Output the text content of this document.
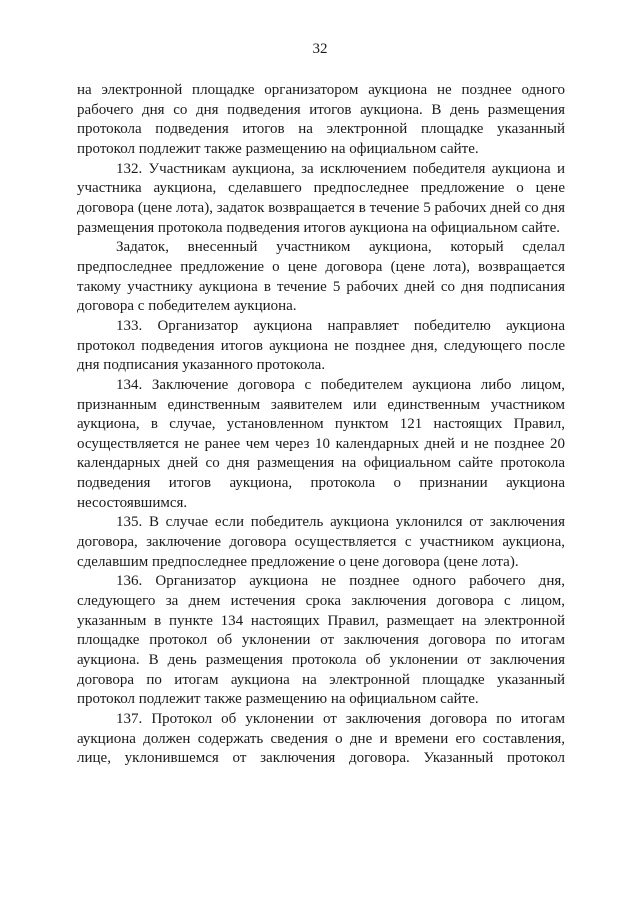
32

на электронной площадке организатором аукциона не позднее одного рабочего дня со дня подведения итогов аукциона. В день размещения протокола подведения итогов на электронной площадке указанный протокол подлежит также размещению на официальном сайте.

132. Участникам аукциона, за исключением победителя аукциона и участника аукциона, сделавшего предпоследнее предложение о цене договора (цене лота), задаток возвращается в течение 5 рабочих дней со дня размещения протокола подведения итогов аукциона на официальном сайте.

Задаток, внесенный участником аукциона, который сделал предпоследнее предложение о цене договора (цене лота), возвращается такому участнику аукциона в течение 5 рабочих дней со дня подписания договора с победителем аукциона.

133. Организатор аукциона направляет победителю аукциона протокол подведения итогов аукциона не позднее дня, следующего после дня подписания указанного протокола.

134. Заключение договора с победителем аукциона либо лицом, признанным единственным заявителем или единственным участником аукциона, в случае, установленном пунктом 121 настоящих Правил, осуществляется не ранее чем через 10 календарных дней и не позднее 20 календарных дней со дня размещения на официальном сайте протокола подведения итогов аукциона, протокола о признании аукциона несостоявшимся.

135. В случае если победитель аукциона уклонился от заключения договора, заключение договора осуществляется с участником аукциона, сделавшим предпоследнее предложение о цене договора (цене лота).

136. Организатор аукциона не позднее одного рабочего дня, следующего за днем истечения срока заключения договора с лицом, указанным в пункте 134 настоящих Правил, размещает на электронной площадке протокол об уклонении от заключения договора по итогам аукциона. В день размещения протокола об уклонении от заключения договора по итогам аукциона на электронной площадке указанный протокол подлежит также размещению на официальном сайте.

137. Протокол об уклонении от заключения договора по итогам аукциона должен содержать сведения о дне и времени его составления, лице, уклонившемся от заключения договора. Указанный протокол
